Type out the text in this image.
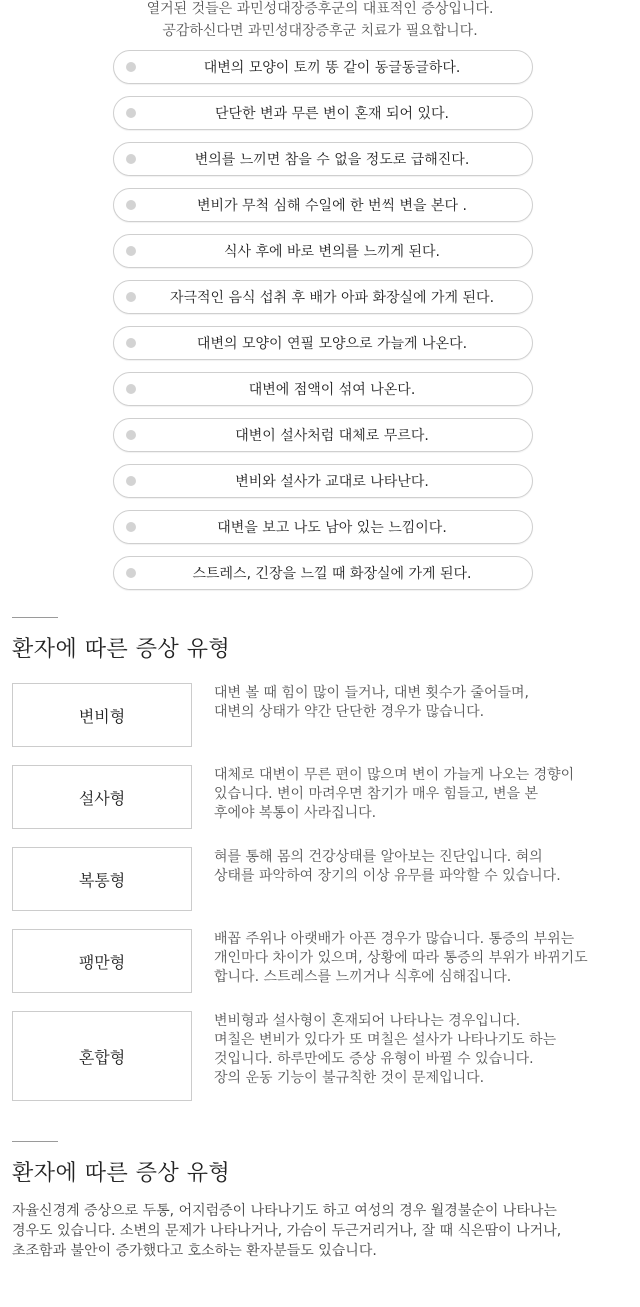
열거된 것들은 과민성대장증후군의 대표적인 증상입니다.

공감하신다면 과민성대장증후군 치료가 필요합니다.

대변의 모양이 토끼 똥 같이 동글동글하다.
단단한 변과 무른 변이 혼재 되어 있다.
변의를 느끼면 참을 수 없을 정도로 급해진다.
변비가 무척 심해 수일에 한 번씩 변을 본다 .
식사 후에 바로 변의를 느끼게 된다.
자극적인 음식 섭취 후 배가 아파 화장실에 가게 된다.
대변의 모양이 연필 모양으로 가늘게 나온다.
대변에 점액이 섞여 나온다.
대변이 설사처럼 대체로 무르다.
변비와 설사가 교대로 나타난다.
대변을 보고 나도 남아 있는 느낌이다.
스트레스, 긴장을 느낄 때 화장실에 가게 된다.
환자에 따른 증상 유형
변비형

대변 볼 때 힘이 많이 들거나, 대변 횟수가 줄어들며,

대변의 상태가 약간 단단한 경우가 많습니다.

설사형

대체로 대변이 무른 편이 많으며 변이 가늘게 나오는 경향이

있습니다. 변이 마려우면 참기가 매우 힘들고, 변을 본

후에야 복통이 사라집니다.

복통형

혀를 통해 몸의 건강상태를 알아보는 진단입니다. 혀의

상태를 파악하여 장기의 이상 유무를 파악할 수 있습니다.

팽만형

배꼽 주위나 아랫배가 아픈 경우가 많습니다. 통증의 부위는

개인마다 차이가 있으며, 상황에 따라 통증의 부위가 바뀌기도

합니다. 스트레스를 느끼거나 식후에 심해집니다.

혼합형

변비형과 설사형이 혼재되어 나타나는 경우입니다.

며칠은 변비가 있다가 또 며칠은 설사가 나타나기도 하는

것입니다. 하루만에도 증상 유형이 바뀔 수 있습니다.

장의 운동 기능이 불규칙한 것이 문제입니다.

환자에 따른 증상 유형

자율신경계 증상으로 두통, 어지럼증이 나타나기도 하고 여성의 경우 월경불순이 나타나는

경우도 있습니다. 소변의 문제가 나타나거나, 가슴이 두근거리거나, 잘 때 식은땀이 나거나,

초조함과 불안이 증가했다고 호소하는 환자분들도 있습니다.
